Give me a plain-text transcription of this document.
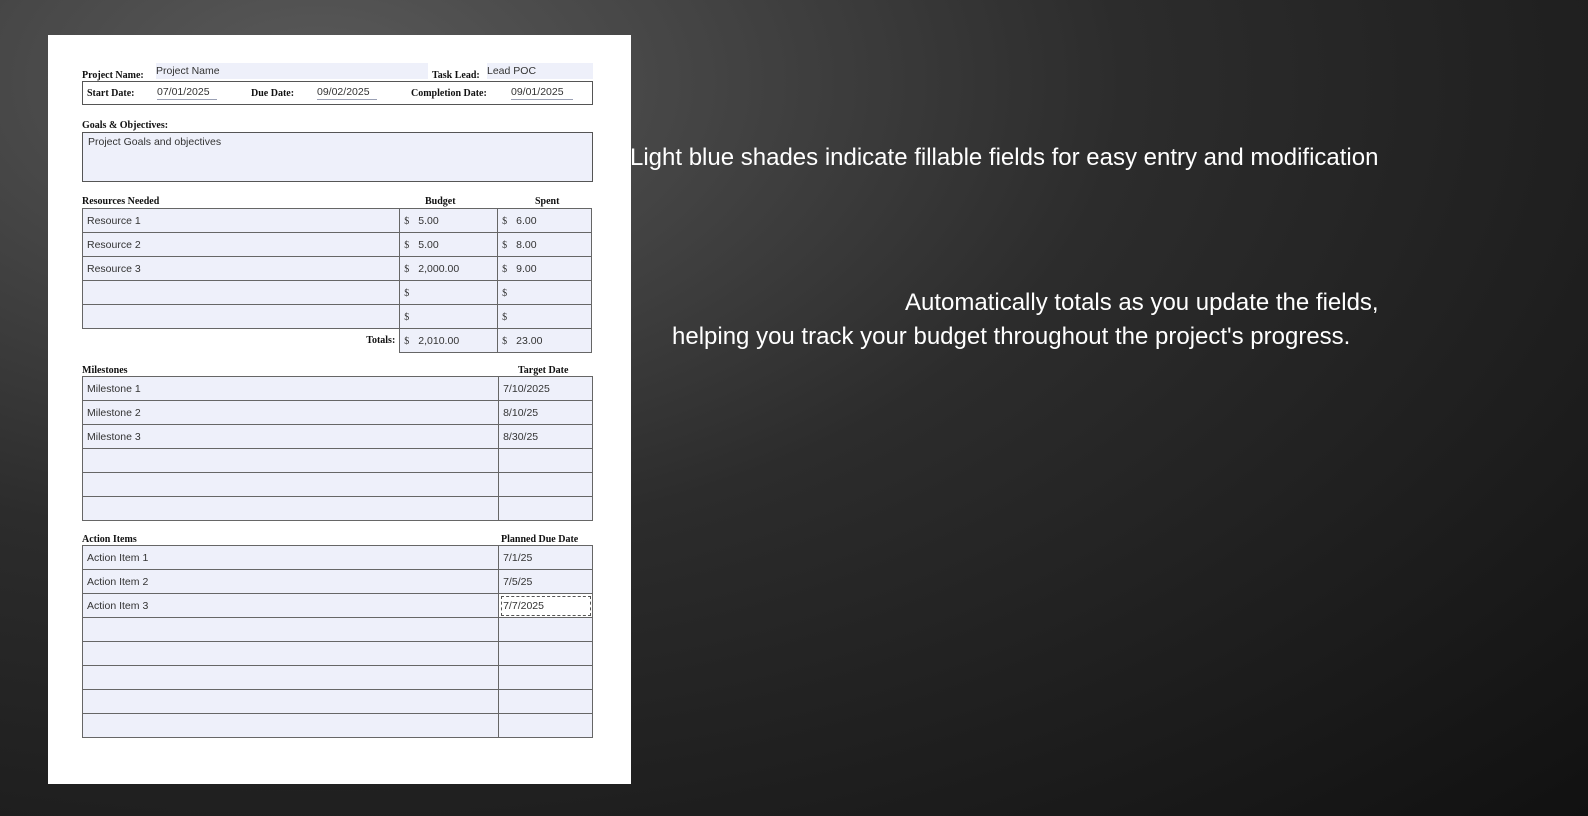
Project Name: Project Name	Task Lead: Lead POC
Start Date: 07/01/2025	Due Date: 09/02/2025	Completion Date: 09/01/2025
Goals & Objectives:
Project Goals and objectives
Resources Needed	Budget	Spent
Resource 1	$ 5.00	$ 6.00
Resource 2	$ 5.00	$ 8.00
Resource 3	$ 2,000.00	$ 9.00
	$	$
	$	$
Totals:	$ 2,010.00	$ 23.00
Milestones	Target Date
Milestone 1	7/10/2025
Milestone 2	8/10/25
Milestone 3	8/30/25

Action Items	Planned Due Date
Action Item 1	7/1/25
Action Item 2	7/5/25
Action Item 3	7/7/2025

Light blue shades indicate fillable fields for easy entry and modification
Automatically totals as you update the fields,
helping you track your budget throughout the project's progress.
